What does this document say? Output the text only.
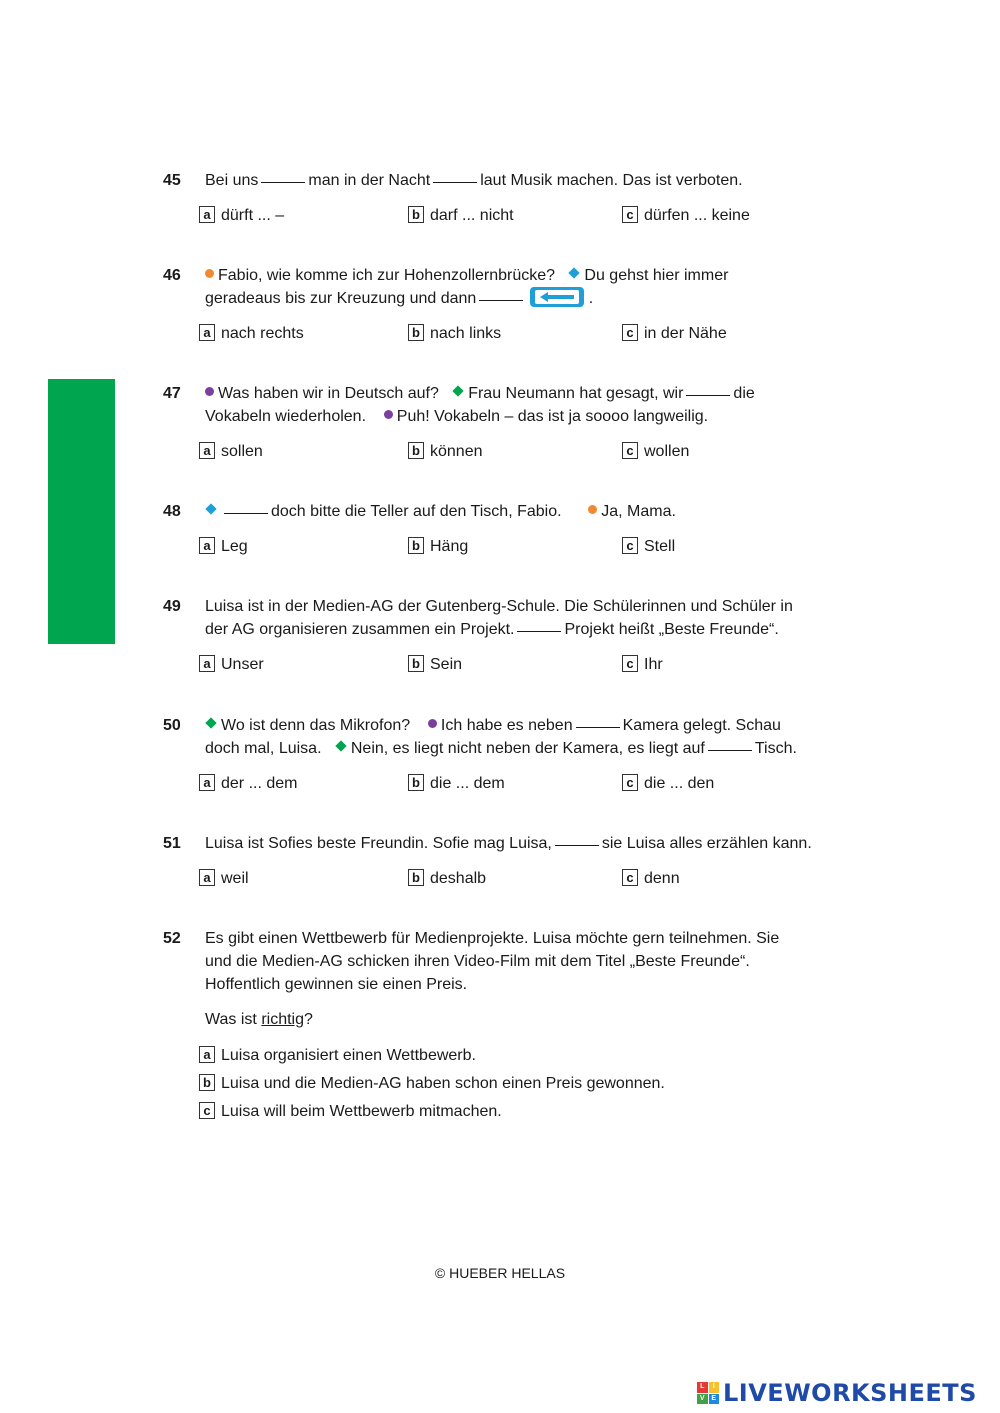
45 Bei uns	man in der Nacht	laut Musik machen. Das ist verboten.
a dürft ... –	b darf ... nicht	c dürfen ... keine
46	Fabio, wie komme ich zur Hohenzollernbrücke? Du gehst hier immer
geradeaus bis zur Kreuzung und dann	.
a nach rechts	b nach links	c in der Nähe
47	Was haben wir in Deutsch auf? Frau Neumann hat gesagt, wir	die
Vokabeln wiederholen. Puh! Vokabeln – das ist ja soooo langweilig.
a sollen	b können	c wollen
48	doch bitte die Teller auf den Tisch, Fabio. Ja, Mama.
a Leg	b Häng	c Stell
49 Luisa ist in der Medien-AG der Gutenberg-Schule. Die Schülerinnen und Schüler in
der AG organisieren zusammen ein Projekt.	Projekt heißt „Beste Freunde“.
a Unser	b Sein	c Ihr
50	Wo ist denn das Mikrofon? Ich habe es neben	Kamera gelegt. Schau
doch mal, Luisa. Nein, es liegt nicht neben der Kamera, es liegt auf	Tisch.
a der ... dem	b die ... dem	c die ... den
51 Luisa ist Sofies beste Freundin. Sofie mag Luisa,	sie Luisa alles erzählen kann.
a weil	b deshalb	c denn
52 Es gibt einen Wettbewerb für Medienprojekte. Luisa möchte gern teilnehmen. Sie
und die Medien-AG schicken ihren Video-Film mit dem Titel „Beste Freunde“.
Hoffentlich gewinnen sie einen Preis.
Was ist richtig?
a Luisa organisiert einen Wettbewerb.
b Luisa und die Medien-AG haben schon einen Preis gewonnen.
c Luisa will beim Wettbewerb mitmachen.
© HUEBER HELLAS
L	I
V E LIVEWORKSHEETS
